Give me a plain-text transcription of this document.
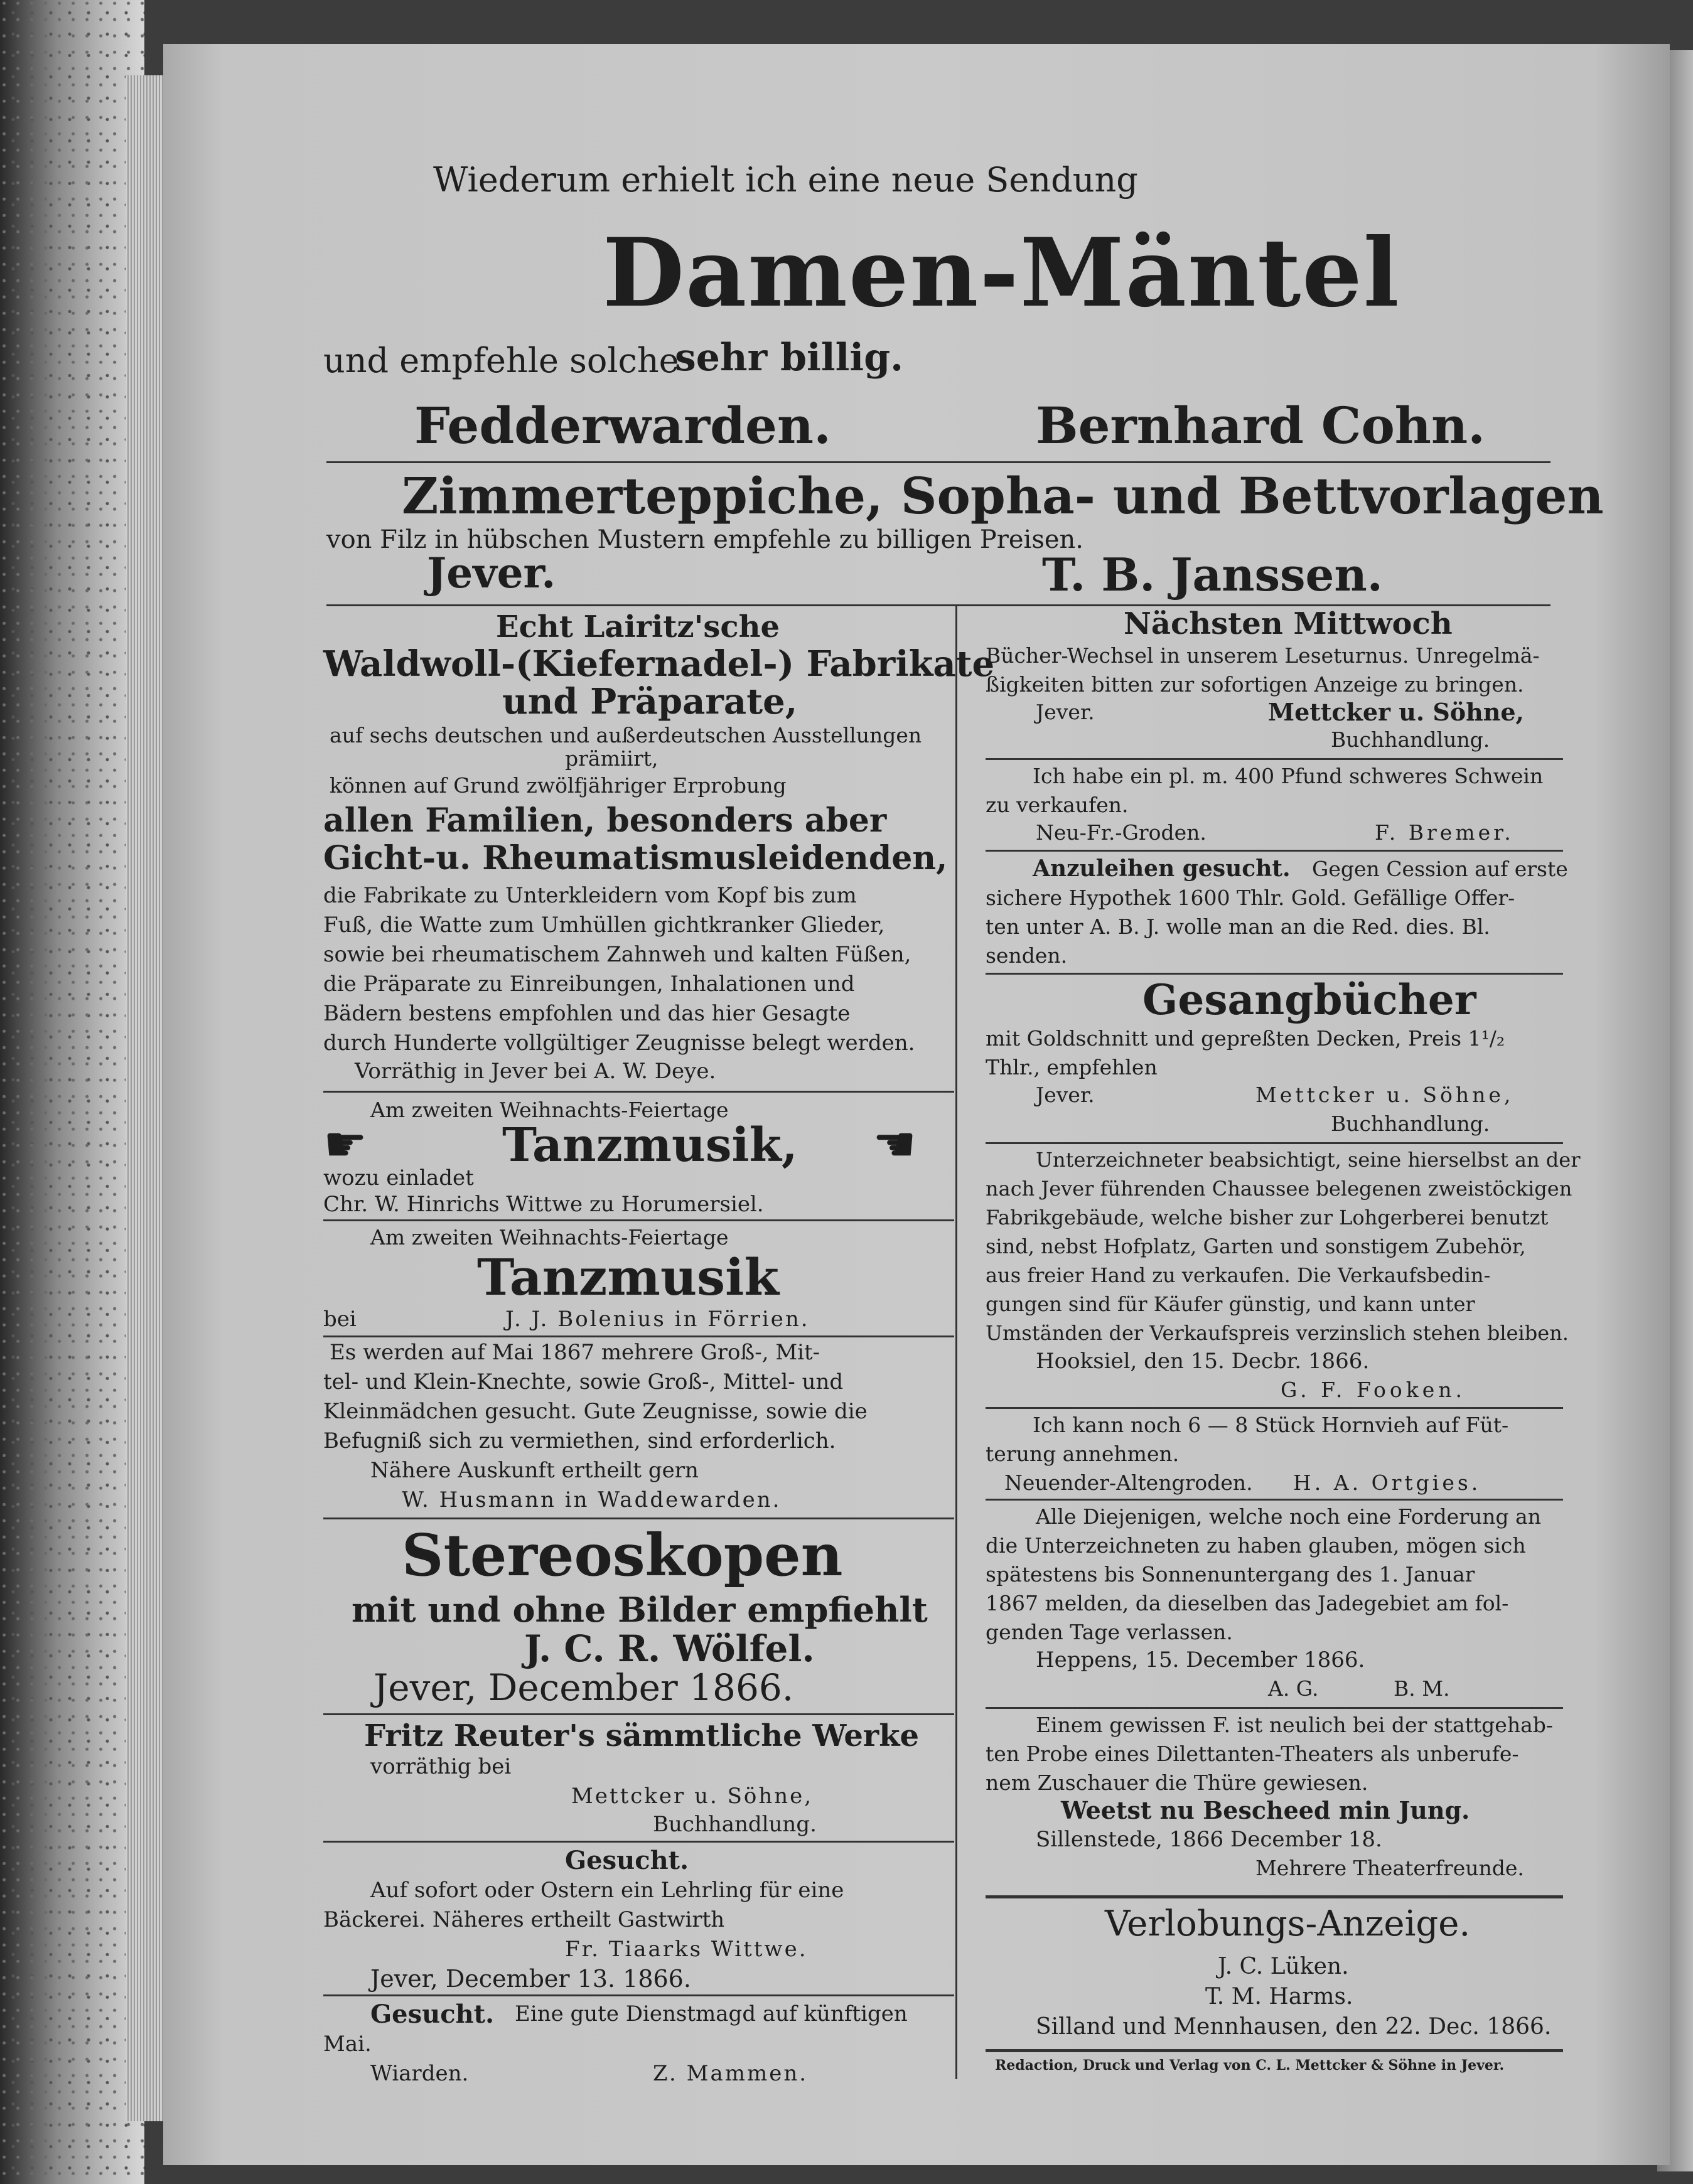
Wiederum erhielt ich eine neue Sendung
Damen-Mäntel
und empfehle solche
sehr billig.
Fedderwarden.	Bernhard Cohn.
Zimmerteppiche, Sopha- und Bettvorlagen
von Filz in hübschen Mustern empfehle zu billigen Preisen.
Jever.	T. B. Janssen.
Echt Lairitz'sche
Waldwoll-(Kiefernadel-) Fabrikate
und Präparate,
auf sechs deutschen und außerdeutschen Ausstellungen
prämiirt,
können auf Grund zwölfjähriger Erprobung
allen Familien, besonders aber
Gicht-u. Rheumatismusleidenden,
die Fabrikate zu Unterkleidern vom Kopf bis zum
Fuß, die Watte zum Umhüllen gichtkranker Glieder,
sowie bei rheumatischem Zahnweh und kalten Füßen,
die Präparate zu Einreibungen, Inhalationen und
Bädern bestens empfohlen und das hier Gesagte
durch Hunderte vollgültiger Zeugnisse belegt werden.
Vorräthig in Jever bei A. W. Deye.
Am zweiten Weihnachts-Feiertage
☛	Tanzmusik, ☛
wozu einladet
Chr. W. Hinrichs Wittwe zu Horumersiel.
Am zweiten Weihnachts-Feiertage
Tanzmusik
bei	J. J. Bolenius in Förrien.
Es werden auf Mai 1867 mehrere Groß-, Mit-
tel- und Klein-Knechte, sowie Groß-, Mittel- und
Kleinmädchen gesucht. Gute Zeugnisse, sowie die
Befugniß sich zu vermiethen, sind erforderlich.
Nähere Auskunft ertheilt gern
W. Husmann in Waddewarden.
Stereoskopen
mit und ohne Bilder empfiehlt
J. C. R. Wölfel.
Jever, December 1866.
Fritz Reuter's sämmtliche Werke
vorräthig bei
Mettcker u. Söhne,
Buchhandlung.
Gesucht.
Auf sofort oder Ostern ein Lehrling für eine
Bäckerei. Näheres ertheilt Gastwirth
Fr. Tiaarks Wittwe.
Jever, December 13. 1866.
Gesucht. Eine gute Dienstmagd auf künftigen
Mai.
Wiarden.	Z. Mammen.
Nächsten Mittwoch
Bücher-Wechsel in unserem Leseturnus. Unregelmä-
ßigkeiten bitten zur sofortigen Anzeige zu bringen.
Jever.	Mettcker u. Söhne,
Buchhandlung.
Ich habe ein pl. m. 400 Pfund schweres Schwein
zu verkaufen.
Neu-Fr.-Groden.	F. Bremer.
Anzuleihen gesucht. Gegen Cession auf erste
sichere Hypothek 1600 Thlr. Gold. Gefällige Offer-
ten unter A. B. J. wolle man an die Red. dies. Bl.
senden.
Gesangbücher
mit Goldschnitt und gepreßten Decken, Preis 1¹/₂
Thlr., empfehlen
Jever.	Mettcker u. Söhne,
Buchhandlung.
Unterzeichneter beabsichtigt, seine hierselbst an der
nach Jever führenden Chaussee belegenen zweistöckigen
Fabrikgebäude, welche bisher zur Lohgerberei benutzt
sind, nebst Hofplatz, Garten und sonstigem Zubehör,
aus freier Hand zu verkaufen. Die Verkaufsbedin-
gungen sind für Käufer günstig, und kann unter
Umständen der Verkaufspreis verzinslich stehen bleiben.
Hooksiel, den 15. Decbr. 1866.
G. F. Fooken.
Ich kann noch 6 — 8 Stück Hornvieh auf Füt-
terung annehmen.
Neuender-Altengroden. H. A. Ortgies.
Alle Diejenigen, welche noch eine Forderung an
die Unterzeichneten zu haben glauben, mögen sich
spätestens bis Sonnenuntergang des 1. Januar
1867 melden, da dieselben das Jadegebiet am fol-
genden Tage verlassen.
Heppens, 15. December 1866.
A. G.	B. M.
Einem gewissen F. ist neulich bei der stattgehab-
ten Probe eines Dilettanten-Theaters als unberufe-
nem Zuschauer die Thüre gewiesen.
Weetst nu Bescheed min Jung.
Sillenstede, 1866 December 18.
Mehrere Theaterfreunde.
Verlobungs-Anzeige.
J. C. Lüken.
T. M. Harms.
Silland und Mennhausen, den 22. Dec. 1866.
Redaction, Druck und Verlag von C. L. Mettcker & Söhne in Jever.
